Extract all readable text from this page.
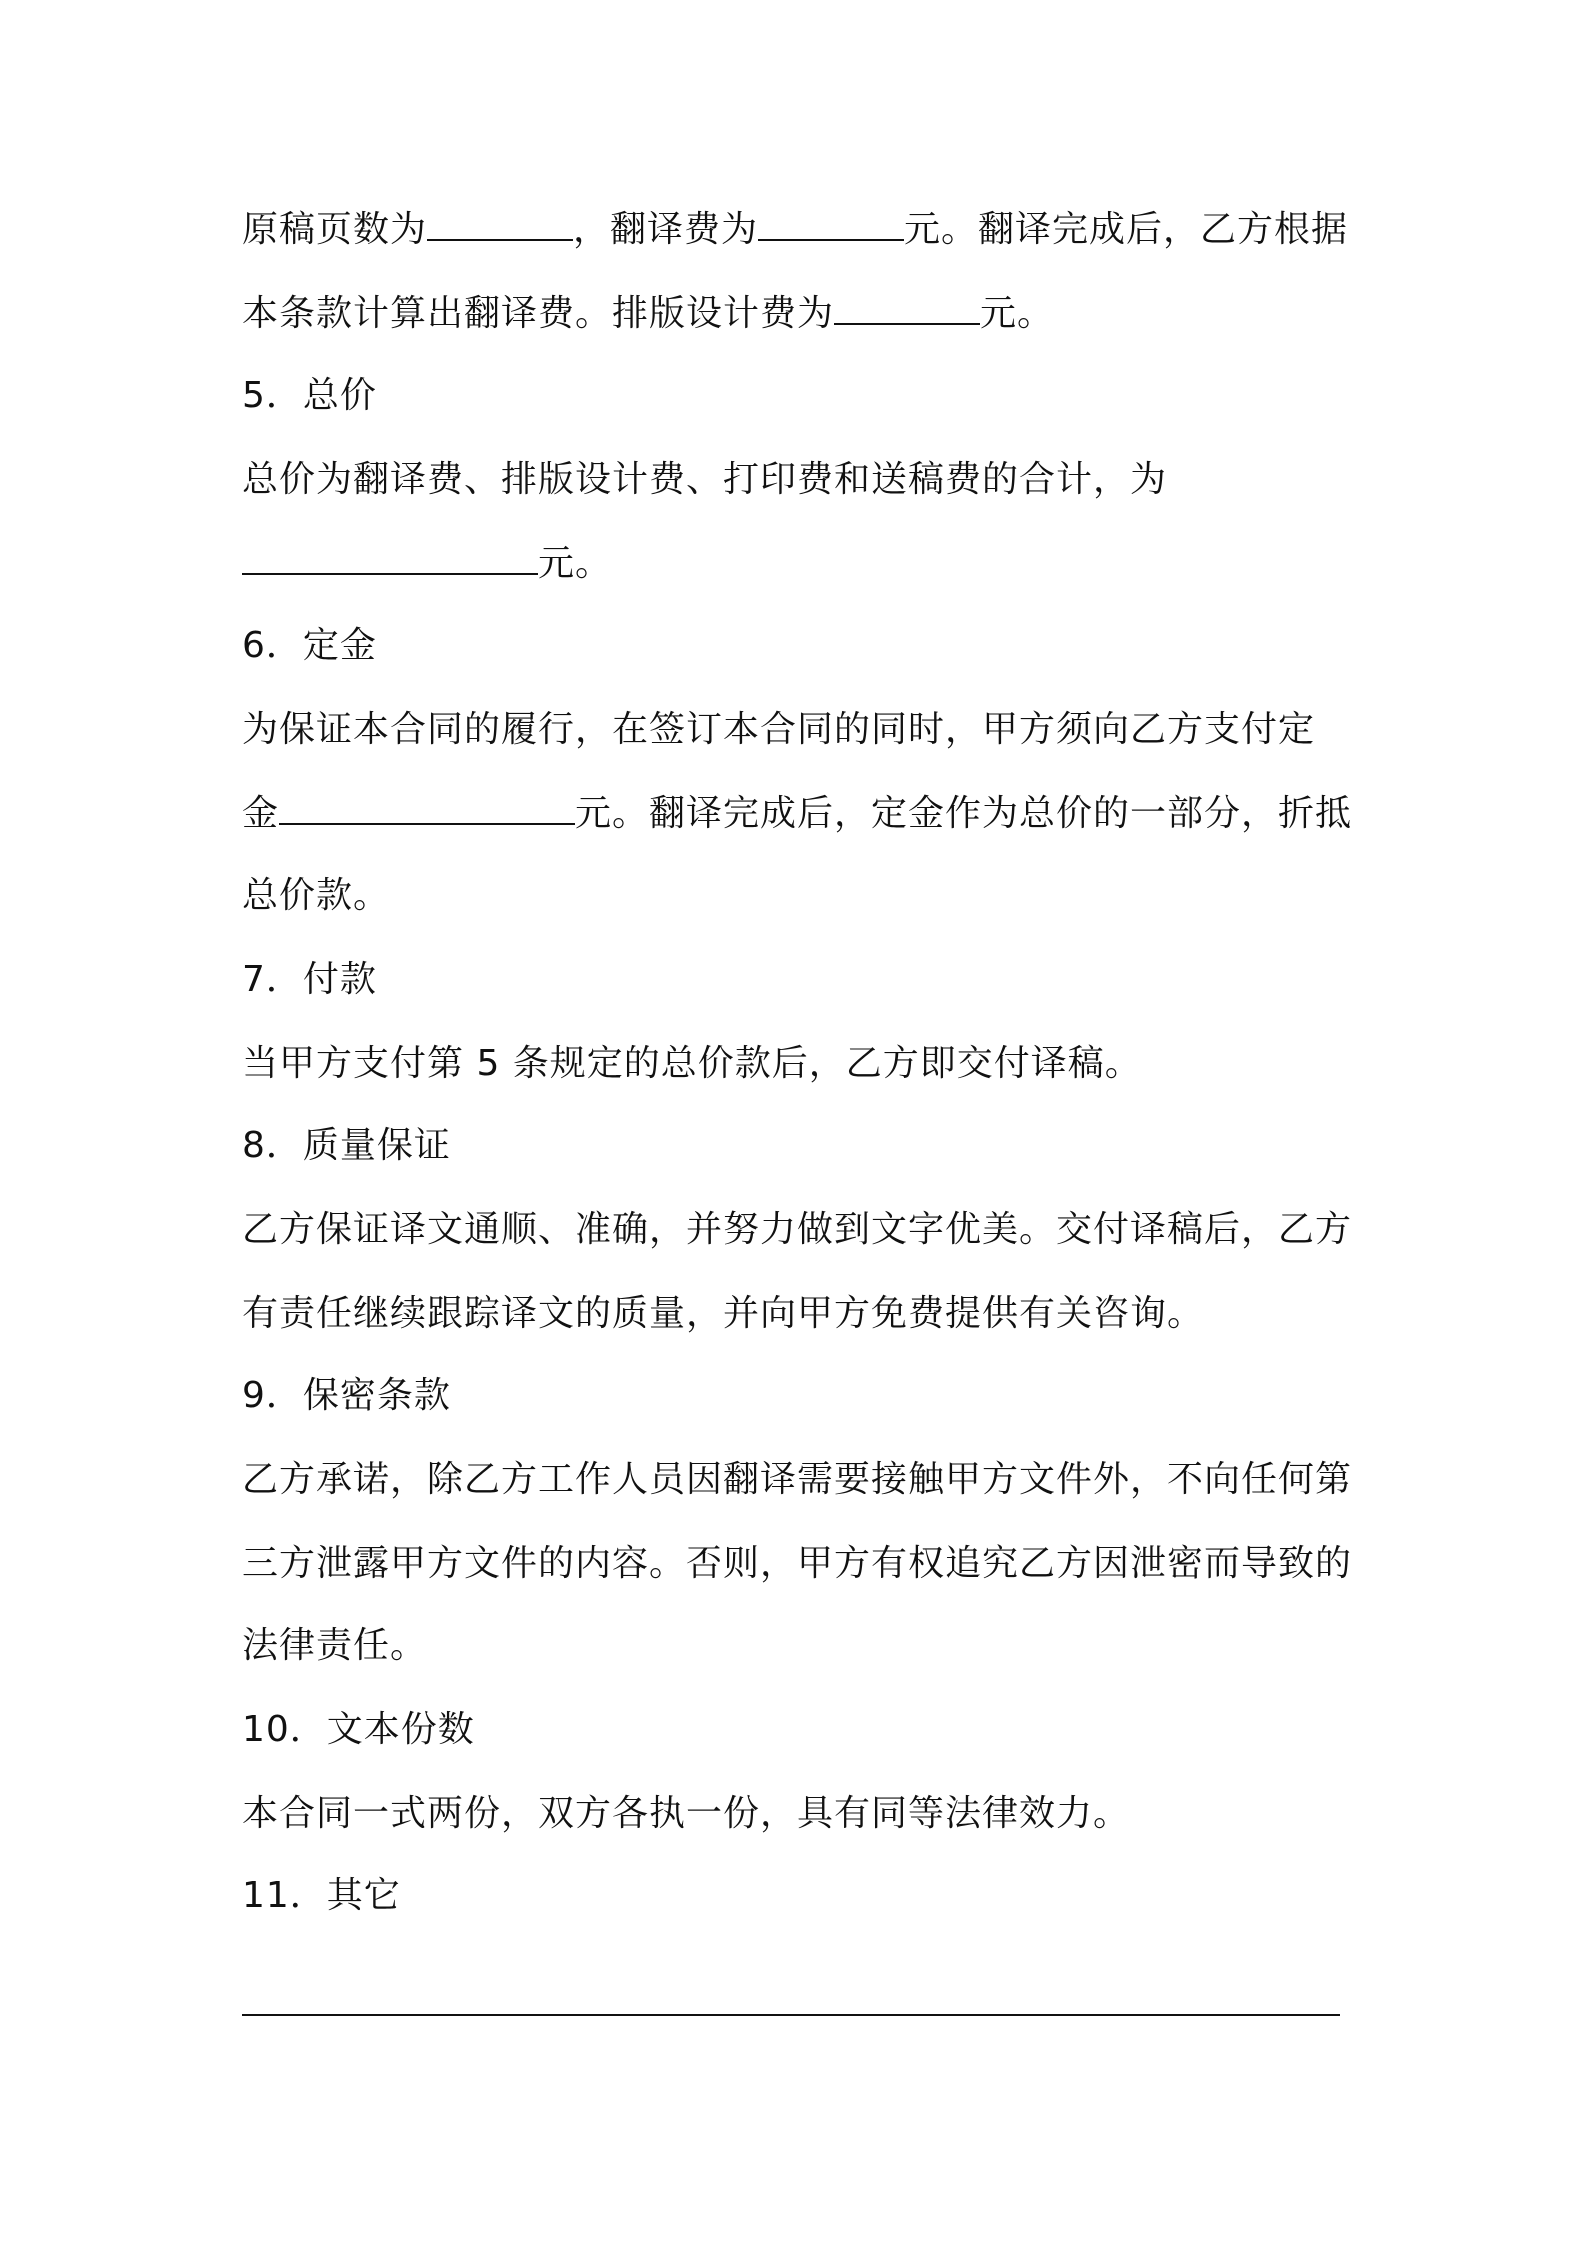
原稿页数为	，翻译费为	元。翻译完成后，乙方根据
本条款计算出翻译费。排版设计费为	元。
5．总价
总价为翻译费、排版设计费、打印费和送稿费的合计，为
元。
6．定金
为保证本合同的履行，在签订本合同的同时，甲方须向乙方支付定
金	元。翻译完成后，定金作为总价的一部分，折抵
总价款。
7．付款
当甲方支付第 5 条规定的总价款后，乙方即交付译稿。
8．质量保证
乙方保证译文通顺、准确，并努力做到文字优美。交付译稿后，乙方
有责任继续跟踪译文的质量，并向甲方免费提供有关咨询。
9．保密条款
乙方承诺，除乙方工作人员因翻译需要接触甲方文件外，不向任何第
三方泄露甲方文件的内容。否则，甲方有权追究乙方因泄密而导致的
法律责任。
10．文本份数
本合同一式两份，双方各执一份，具有同等法律效力。
11．其它
